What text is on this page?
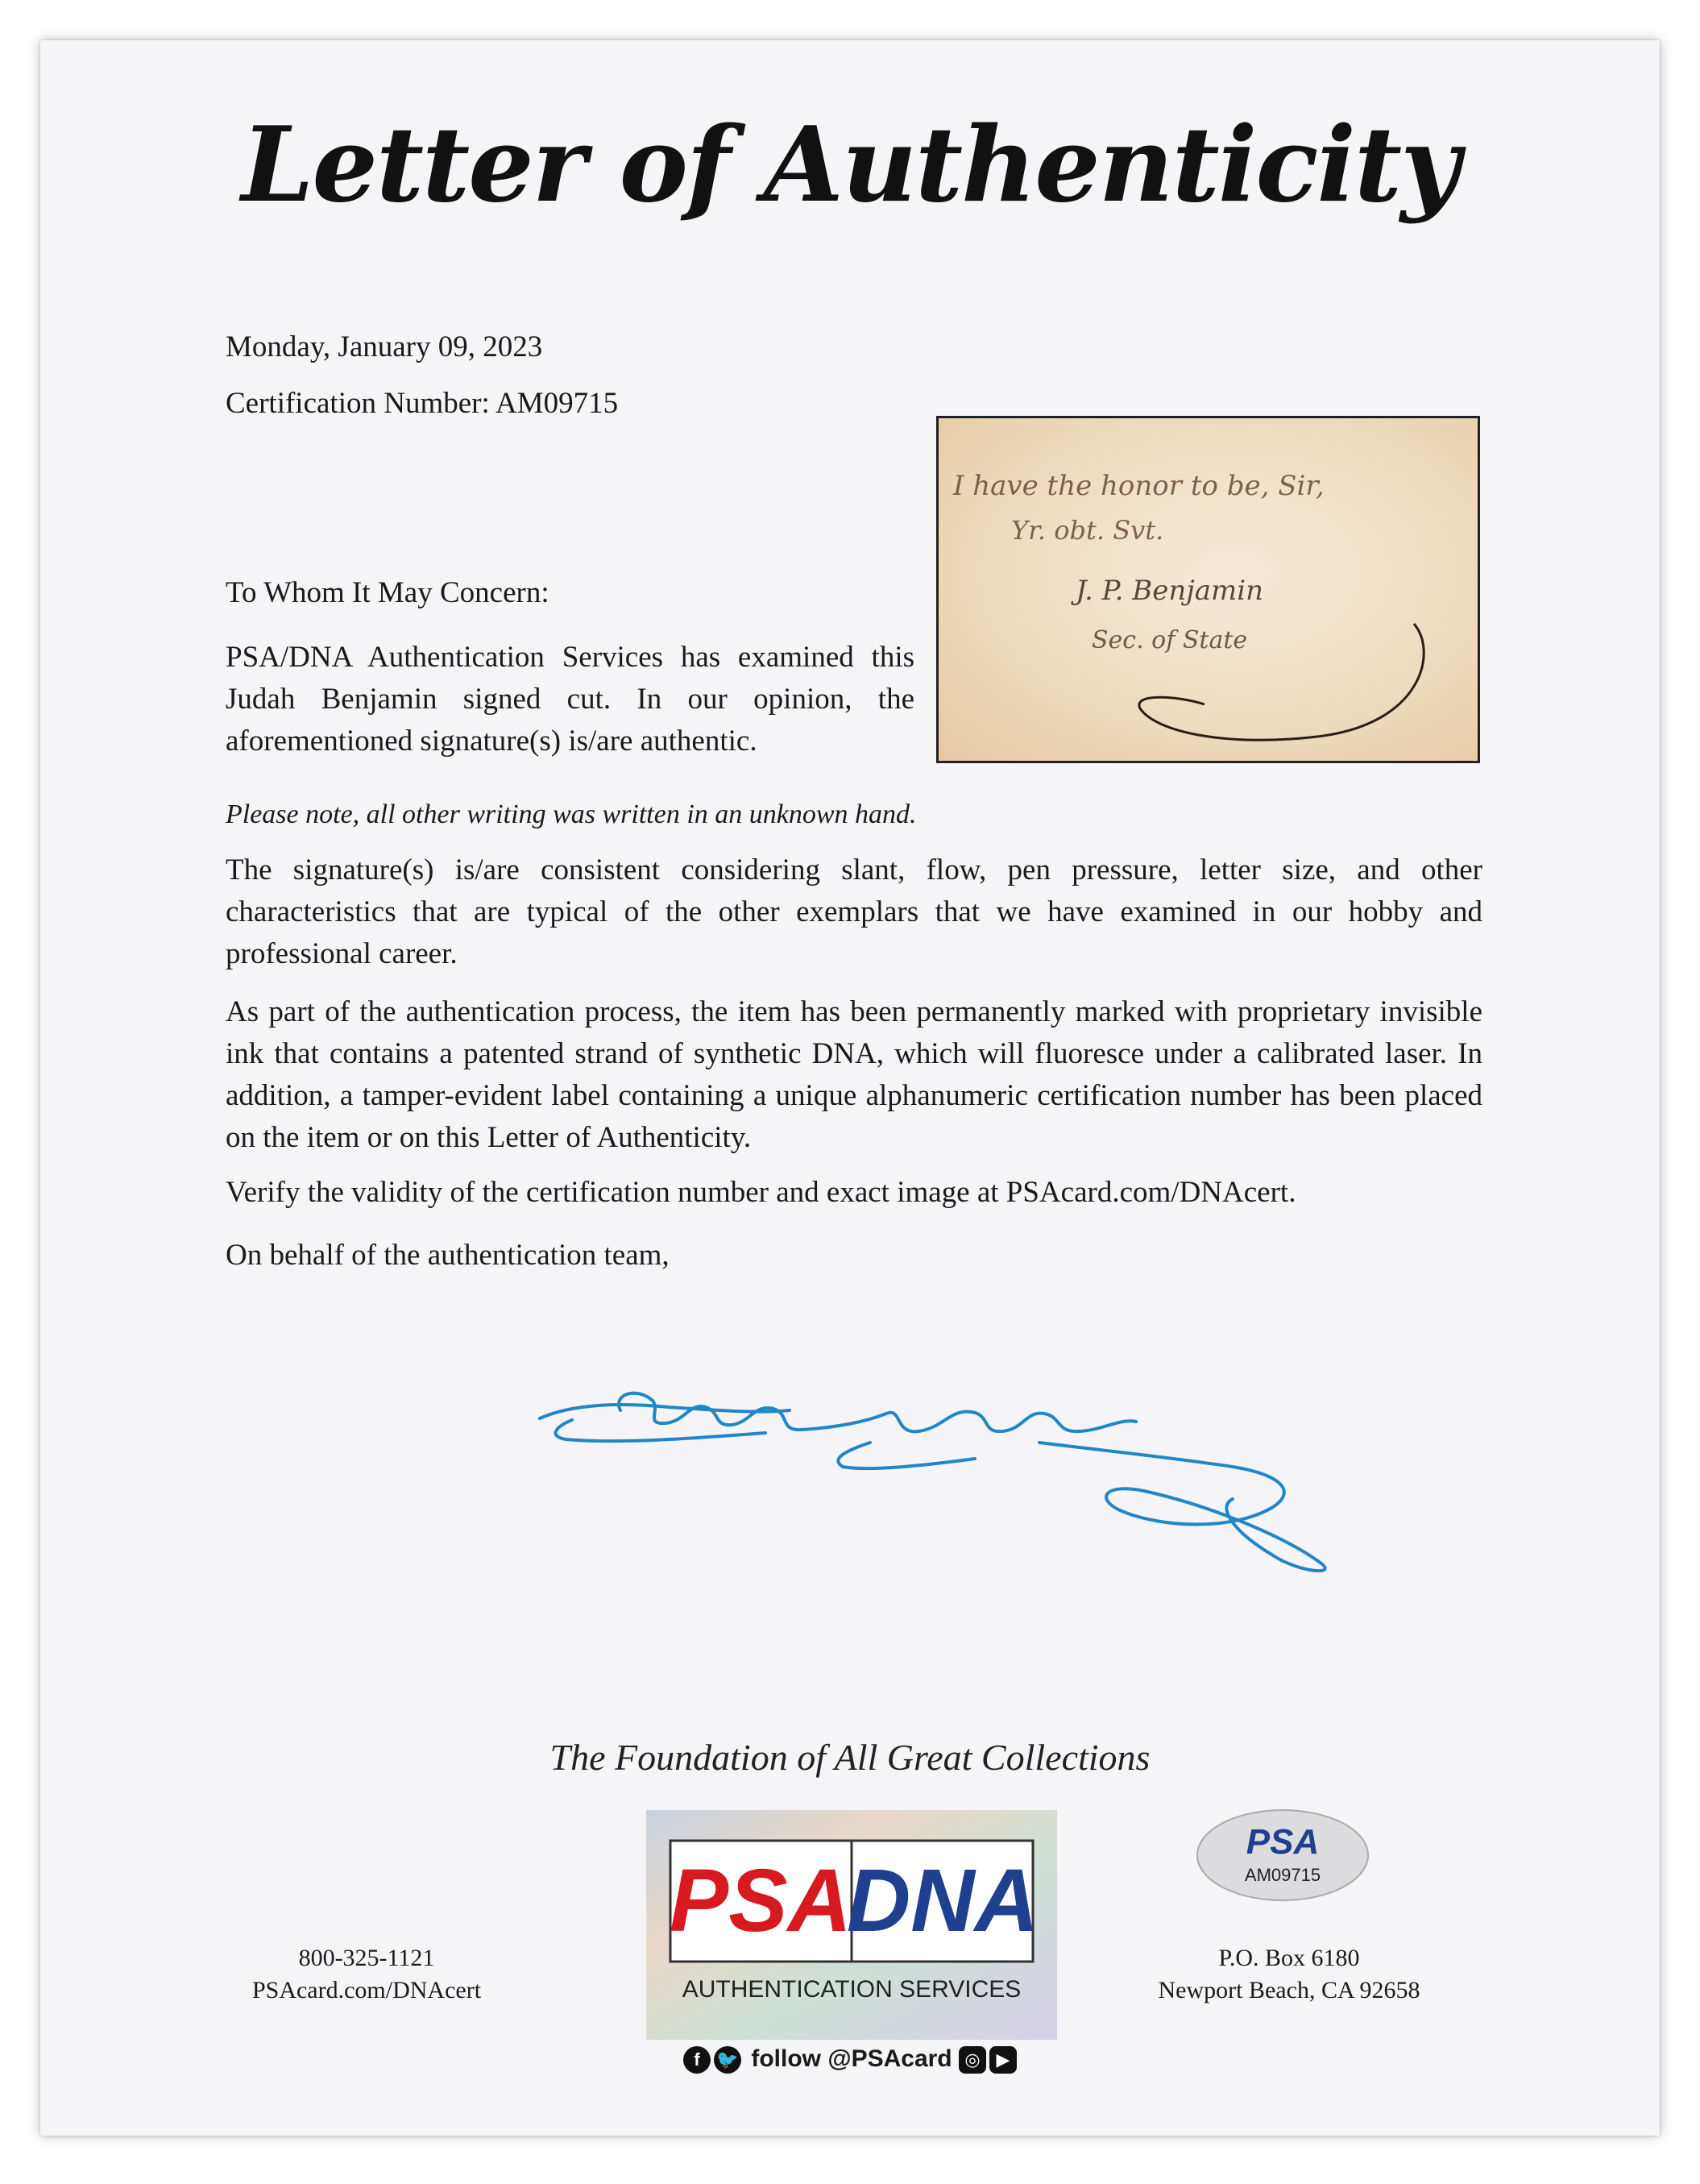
Letter of Authenticity

Monday, January 09, 2023

Certification Number: AM09715

I have the honor to be, Sir,
Yr. obt. Svt.
J. P. Benjamin
Sec. of State

To Whom It May Concern:

PSA/DNA Authentication Services has examined this Judah Benjamin signed cut. In our opinion, the aforementioned signature(s) is/are authentic.

Please note, all other writing was written in an unknown hand.

The signature(s) is/are consistent considering slant, flow, pen pressure, letter size, and other characteristics that are typical of the other exemplars that we have examined in our hobby and professional career.

As part of the authentication process, the item has been permanently marked with proprietary invisible ink that contains a patented strand of synthetic DNA, which will fluoresce under a calibrated laser. In addition, a tamper-evident label containing a unique alphanumeric certification number has been placed on the item or on this Letter of Authenticity.

Verify the validity of the certification number and exact image at PSAcard.com/DNAcert.

On behalf of the authentication team,

The Foundation of All Great Collections

800-325-1121
PSAcard.com/DNAcert
PSA
DNA
AUTHENTICATION SERVICES
f 🐦 follow @PSAcard ◎ ▶
PSA
AM09715
P.O. Box 6180
Newport Beach, CA 92658
